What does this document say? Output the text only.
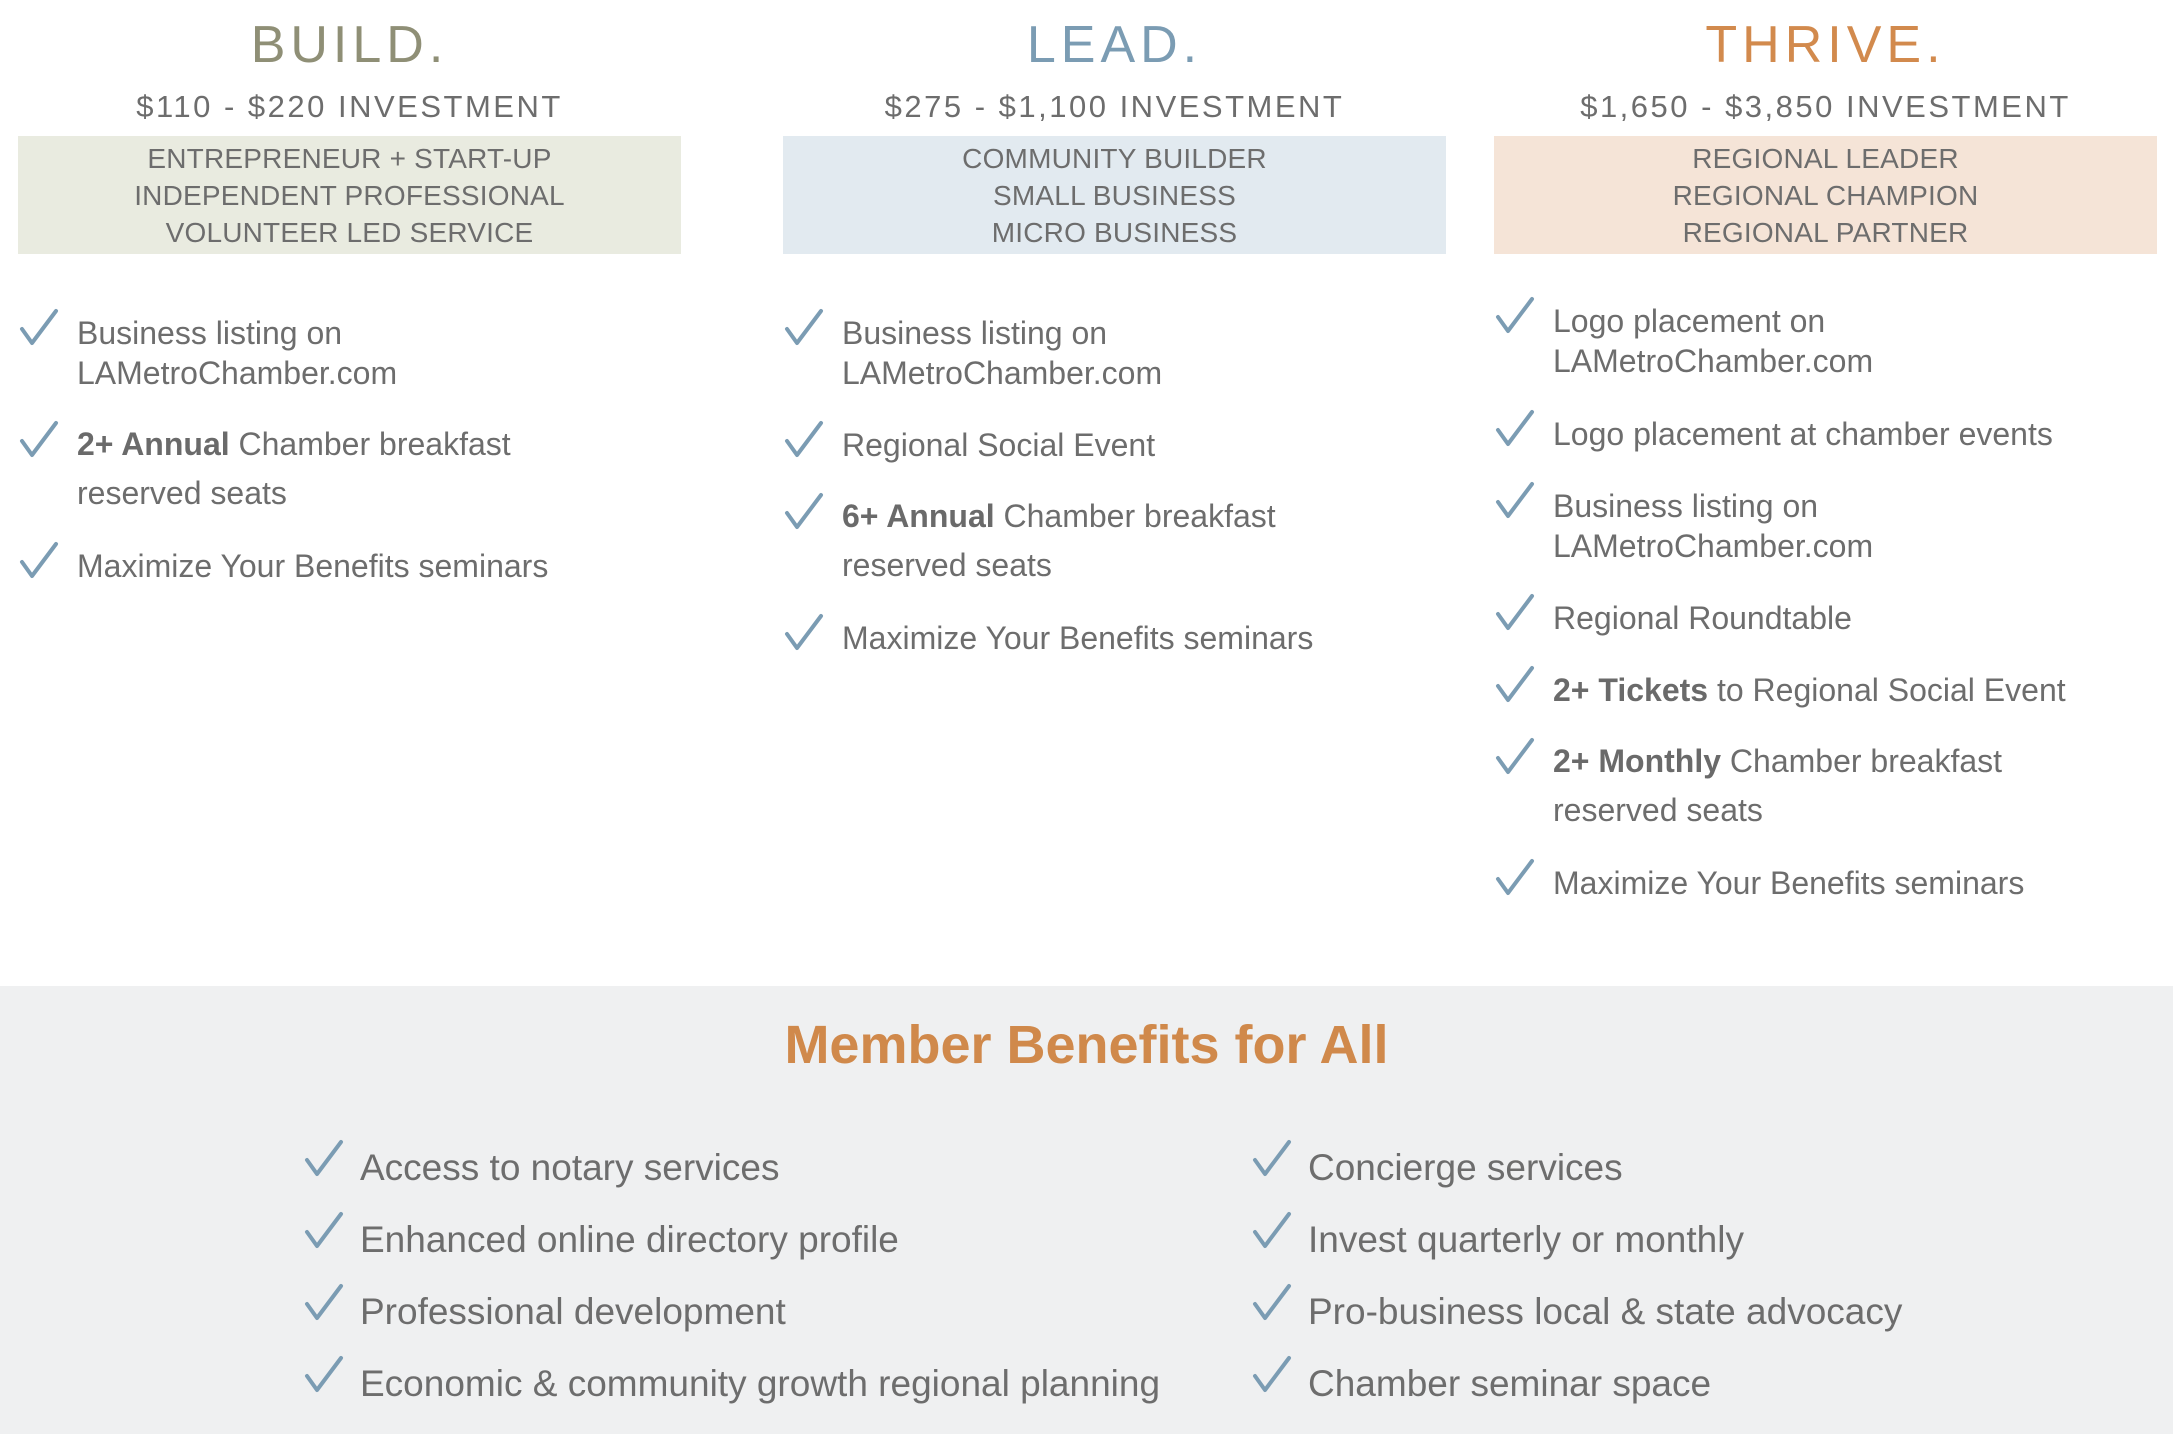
BUILD.
$110 - $220 INVESTMENT
ENTREPRENEUR + START-UP
INDEPENDENT PROFESSIONAL
VOLUNTEER LED SERVICE
Business listing on LAMetroChamber.com
2+ Annual Chamber breakfast reserved seats
Maximize Your Benefits seminars
LEAD.
$275 - $1,100 INVESTMENT
COMMUNITY BUILDER
SMALL BUSINESS
MICRO BUSINESS
Business listing on LAMetroChamber.com
Regional Social Event
6+ Annual Chamber breakfast reserved seats
Maximize Your Benefits seminars
THRIVE.
$1,650 - $3,850 INVESTMENT
REGIONAL LEADER
REGIONAL CHAMPION
REGIONAL PARTNER
Logo placement on LAMetroChamber.com
Logo placement at chamber events
Business listing on LAMetroChamber.com
Regional Roundtable
2+ Tickets to Regional Social Event
2+ Monthly Chamber breakfast reserved seats
Maximize Your Benefits seminars
Member Benefits for All
Access to notary services
Enhanced online directory profile
Professional development
Economic & community growth regional planning
Concierge services
Invest quarterly or monthly
Pro-business local & state advocacy
Chamber seminar space
